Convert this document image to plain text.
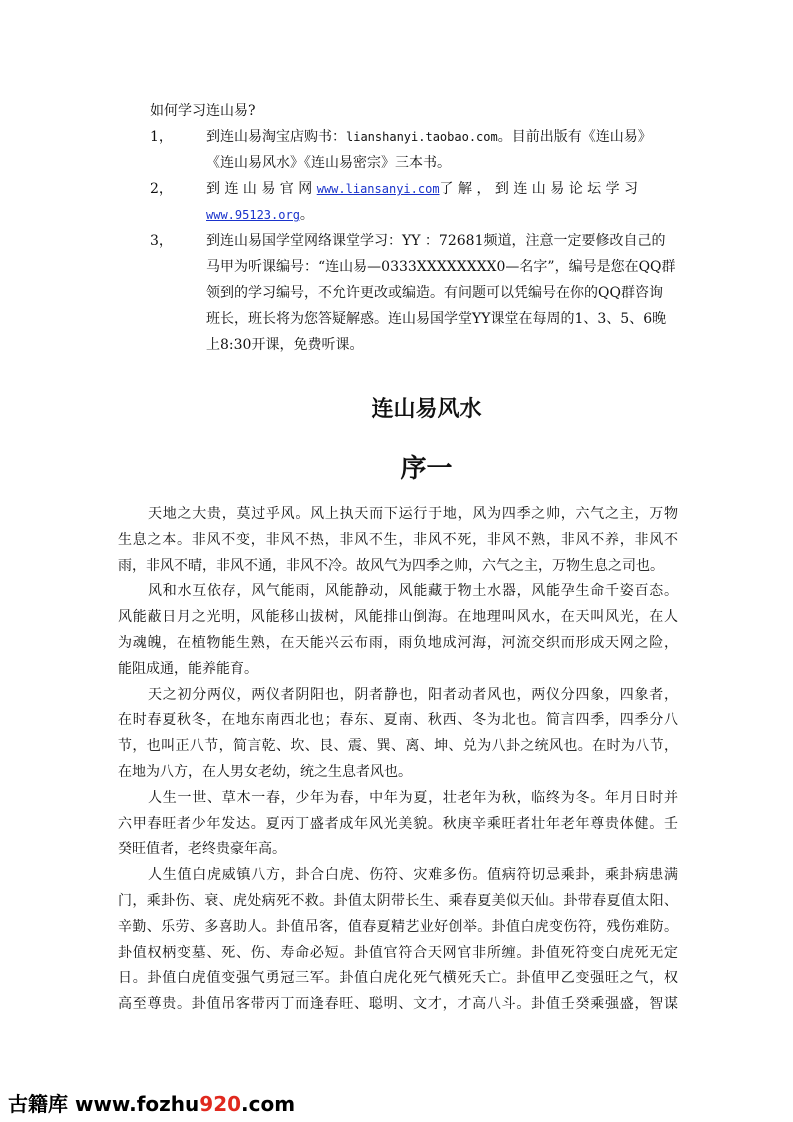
如何学习连山易?
1，	到连山易淘宝店购书：lianshanyi.taobao.com。目前出版有《连山易》
《连山易风水》《连山易密宗》三本书。
2，	到 连 山 易 官 网 www.liansanyi.com了 解 ， 到 连 山 易 论 坛 学 习
www.95123.org。
3，	到连山易国学堂网络课堂学习：YY ：72681频道，注意一定要修改自己的
马甲为听课编号：“连山易—0333XXXXXXXX0—名字”，编号是您在QQ群
领到的学习编号，不允许更改或编造。有问题可以凭编号在你的QQ群咨询
班长，班长将为您答疑解惑。连山易国学堂YY课堂在每周的1、3、5、6晚
上8:30开课，免费听课。
连山易风水
序一
天地之大贵，莫过乎风。风上执天而下运行于地，风为四季之帅，六气之主，万物
生息之本。非风不变，非风不热，非风不生，非风不死，非风不熟，非风不养，非风不
雨，非风不晴，非风不通，非风不冷。故风气为四季之帅，六气之主，万物生息之司也。
风和水互依存，风气能雨，风能静动，风能藏于物土水器，风能孕生命千姿百态。
风能蔽日月之光明，风能移山拔树，风能排山倒海。在地理叫风水，在天叫风光，在人
为魂魄，在植物能生熟，在天能兴云布雨，雨负地成河海，河流交织而形成天网之险，
能阻成通，能养能育。
天之初分两仪，两仪者阴阳也，阴者静也，阳者动者风也，两仪分四象，四象者，
在时春夏秋冬，在地东南西北也；春东、夏南、秋西、冬为北也。简言四季，四季分八
节，也叫正八节，简言乾、坎、艮、震、巽、离、坤、兑为八卦之统风也。在时为八节，
在地为八方，在人男女老幼，统之生息者风也。
人生一世、草木一春，少年为春，中年为夏，壮老年为秋，临终为冬。年月日时并
六甲春旺者少年发达。夏丙丁盛者成年风光美貌。秋庚辛乘旺者壮年老年尊贵体健。壬
癸旺值者，老终贵豪年高。
人生值白虎威镇八方，卦合白虎、伤符、灾难多伤。值病符切忌乘卦，乘卦病患满
门，乘卦伤、衰、虎处病死不救。卦值太阴带长生、乘春夏美似天仙。卦带春夏值太阳、
辛勤、乐劳、多喜助人。卦值吊客，值春夏精艺业好创举。卦值白虎变伤符，残伤难防。
卦值权柄变墓、死、伤、寿命必短。卦值官符合天网官非所缠。卦值死符变白虎死无定
日。卦值白虎值变强气勇冠三军。卦值白虎化死气横死夭亡。卦值甲乙变强旺之气，权
高至尊贵。卦值吊客带丙丁而逢春旺、聪明、文才，才高八斗。卦值壬癸乘强盛，智谋
古籍库 www.fozhu920.com
